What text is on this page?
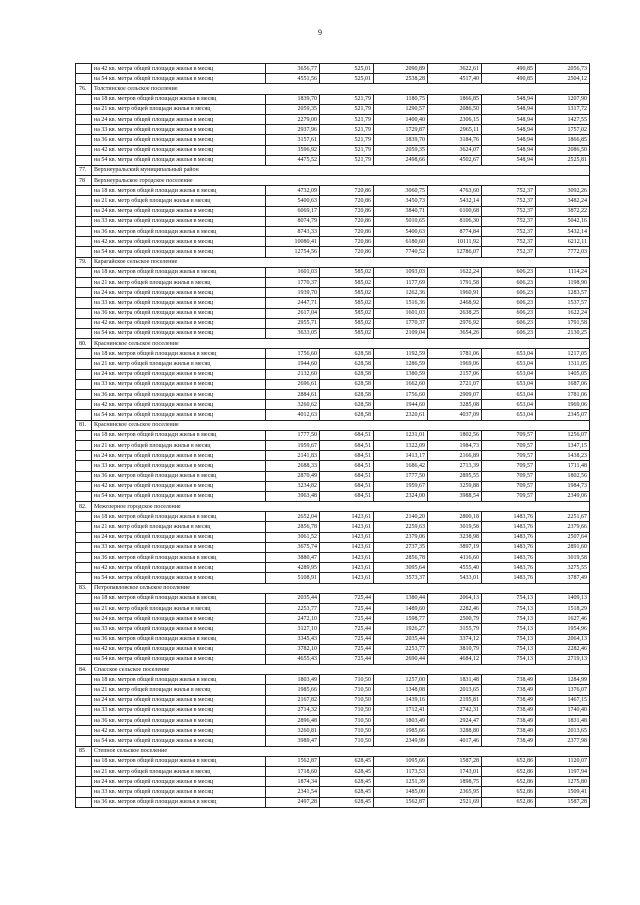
9
	на 42 кв. метра общей площади жилья в месяц	3656,77	525,01	2090,89	3622,61	490,85	2056,73
	на 54 кв. метра общей площади жилья в месяц	4551,56	525,01	2538,28	4517,40	490,85	2504,12
76.	Толстинское сельское поселение						
	на 18 кв. метров общей площади жилья в месяц	1839,70	521,79	1180,75	1866,85	548,94	1207,90
	на 21 кв. метр общей площади жилья в месяц	2059,35	521,79	1290,57	2086,50	548,94	1317,72
	на 24 кв. метра общей площади жилья в месяц	2279,00	521,79	1400,40	2306,15	548,94	1427,55
	на 33 кв. метра общей площади жилья в месяц	2937,96	521,79	1729,87	2965,11	548,94	1757,02
	на 36 кв. метра общей площади жилья в месяц	3157,61	521,79	1839,70	3184,76	548,94	1866,85
	на 42 кв. метра общей площади жилья в месяц	3596,92	521,79	2059,35	3624,07	548,94	2086,50
	на 54 кв. метра общей площади жилья в месяц	4475,52	521,79	2498,66	4502,67	548,94	2525,81
77.	Верхнеуральский муниципальный район						
78	Верхнеуральское городское поселение						
	на 18 кв. метров общей площади жилья в месяц	4732,09	720,86	3060,75	4763,60	752,37	3092,26
	на 21 кв. метр общей площади жилья в месяц	5400,63	720,86	3450,73	5432,14	752,37	3482,24
	на 24 кв. метра общей площади жилья в месяц	6069,17	720,86	3840,71	6100,68	752,37	3872,22
	на 33 кв. метра общей площади жилья в месяц	8074,79	720,86	5010,65	8106,30	752,37	5042,16
	на 36 кв. метров общей площади жилья в месяц	8743,33	720,86	5400,63	8774,84	752,37	5432,14
	на 42 кв. метра общей площади жилья в месяц	10080,41	720,86	6180,60	10111,92	752,37	6212,11
	на 54 кв. метра общей площади жилья в месяц	12754,56	720,86	7740,52	12786,07	752,37	7772,03
79.	Карагайское сельское поселение						
	на 18 кв. метров общей площади жилья в месяц	1601,03	585,02	1093,03	1622,24	606,23	1114,24
	на 21 кв. метр общей площади жилья в месяц	1770,37	585,02	1177,69	1791,58	606,23	1198,90
	на 24 кв. метра общей площади жилья в месяц	1939,70	585,02	1262,36	1960,91	606,23	1283,57
	на 33 кв. метра общей площади жилья в месяц	2447,71	585,02	1516,36	2468,92	606,23	1537,57
	на 36 кв. метра общей площади жилья в месяц	2617,04	585,02	1601,03	2638,25	606,23	1622,24
	на 42 кв. метра общей площади жилья в месяц	2955,71	585,02	1770,37	2976,92	606,23	1791,58
	на 54 кв. метра общей площади жилья в месяц	3633,05	585,02	2109,04	3654,26	606,23	2130,25
80.	Краснинское сельское поселение						
	на 18 кв. метров общей площади жилья в месяц	1756,60	628,58	1192,59	1781,06	653,04	1217,05
	на 21 кв. метр общей площади жилья в месяц	1944,60	628,58	1286,59	1969,06	653,04	1311,05
	на 24 кв. метра общей площади жилья в месяц	2132,60	628,58	1380,59	2157,06	653,04	1405,05
	на 33 кв. метра общей площади жилья в месяц	2696,61	628,58	1662,60	2721,07	653,04	1687,06
	на 36 кв. метра общей площади жилья в месяц	2884,61	628,58	1756,60	2909,07	653,04	1781,06
	на 42 кв. метра общей площади жилья в месяц	3260,62	628,58	1944,60	3285,08	653,04	1969,06
	на 54 кв. метра общей площади жилья в месяц	4012,63	628,58	2320,61	4037,09	653,04	2345,07
81.	Краснинское сельское поселение						
	на 18 кв. метров общей площади жилья в месяц	1777,50	684,51	1231,01	1802,56	709,57	1256,07
	на 21 кв. метр общей площади жилья в месяц	1959,67	684,51	1322,09	1984,73	709,57	1347,15
	на 24 кв. метра общей площади жилья в месяц	2141,83	684,51	1413,17	2166,89	709,57	1438,23
	на 33 кв. метра общей площади жилья в месяц	2688,33	684,51	1686,42	2713,39	709,57	1711,48
	на 36 кв. метров общей площади жилья в месяц	2870,49	684,51	1777,50	2895,55	709,57	1802,56
	на 42 кв. метра общей площади жилья в месяц	3234,82	684,51	1959,67	3259,88	709,57	1984,73
	на 54 кв. метра общей площади жилья в месяц	3963,48	684,51	2324,00	3988,54	709,57	2349,06
82.	Межозерное городское поселение						
	на 18 кв. метров общей площади жилья в месяц	2652,04	1423,61	2140,20	2800,18	1483,76	2251,67
	на 21 кв. метр общей площади жилья в месяц	2856,78	1423,61	2259,63	3019,58	1483,76	2379,66
	на 24 кв. метра общей площади жилья в месяц	3061,52	1423,61	2379,06	3238,98	1483,76	2507,64
	на 33 кв. метра общей площади жилья в месяц	3675,74	1423,61	2737,35	3897,19	1483,76	2891,60
	на 36 кв. метров общей площади жилья в месяц	3880,47	1423,61	2856,78	4116,60	1483,76	3019,58
	на 42 кв. метра общей площади жилья в месяц	4289,95	1423,61	3095,64	4555,40	1483,76	3275,55
	на 54 кв. метра общей площади жилья в месяц	5108,91	1423,61	3573,37	5433,01	1483,76	3787,49
83.	Петропавловское сельское поселение						
	на 18 кв. метров общей площади жилья в месяц	2035,44	725,44	1380,44	2064,13	754,13	1409,13
	на 21 кв. метр общей площади жилья в месяц	2253,77	725,44	1489,60	2282,46	754,13	1518,29
	на 24 кв. метра общей площади жилья в месяц	2472,10	725,44	1598,77	2500,79	754,13	1627,46
	на 33 кв. метра общей площади жилья в месяц	3127,10	725,44	1926,27	3155,79	754,13	1954,96
	на 36 кв. метров общей площади жилья в месяц	3345,43	725,44	2035,44	3374,12	754,13	2064,13
	на 42 кв. метра общей площади жилья в месяц	3782,10	725,44	2253,77	3810,79	754,13	2282,46
	на 54 кв. метра общей площади жилья в месяц	4655,43	725,44	2690,44	4684,12	754,13	2719,13
84.	Спасское сельское поселение						
	на 18 кв. метров общей площади жилья в месяц	1803,49	710,50	1257,00	1831,48	738,49	1284,99
	на 21 кв. метр общей площади жилья в месяц	1985,66	710,50	1348,08	2013,65	738,49	1376,07
	на 24 кв. метра общей площади жилья в месяц	2167,82	710,50	1439,16	2195,81	738,49	1467,15
	на 33 кв. метра общей площади жилья в месяц	2714,32	710,50	1712,41	2742,31	738,49	1740,40
	на 36 кв. метра общей площади жилья в месяц	2896,48	710,50	1803,49	2924,47	738,49	1831,48
	на 42 кв. метра общей площади жилья в месяц	3260,81	710,50	1985,66	3288,80	738,49	2013,65
	на 54 кв. метра общей площади жилья в месяц	3989,47	710,50	2349,99	4017,46	738,49	2377,98
85	Степное сельское поселение						
	на 18 кв. метров общей площади жилья в месяц	1562,87	628,45	1095,66	1587,28	652,86	1120,07
	на 21 кв. метр общей площади жилья в месяц	1718,60	628,45	1173,53	1743,01	652,86	1197,94
	на 24 кв. метра общей площади жилья в месяц	1874,34	628,45	1251,39	1898,75	652,86	1275,80
	на 33 кв. метра общей площади жилья в месяц	2341,54	628,45	1485,00	2365,95	652,86	1509,41
	на 36 кв. метров общей площади жилья в месяц	2497,28	628,45	1562,87	2521,69	652,86	1587,28
